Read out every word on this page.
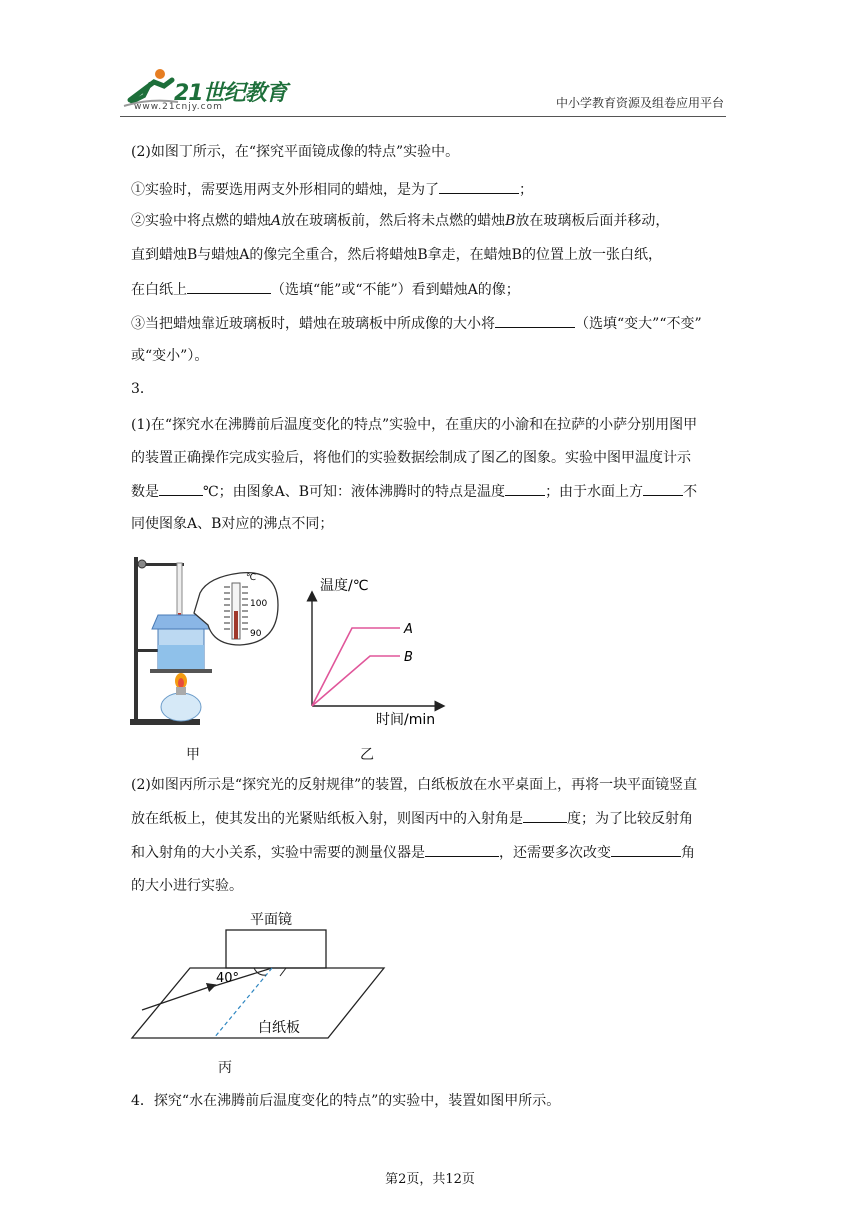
21世纪教育
www.21cnjy.com	中小学教育资源及组卷应用平台
(2)如图丁所示，在“探究平面镜成像的特点”实验中。
①实验时，需要选用两支外形相同的蜡烛，是为了	；
②实验中将点燃的蜡烛A放在玻璃板前，然后将未点燃的蜡烛B放在玻璃板后面并移动，
直到蜡烛B与蜡烛A的像完全重合，然后将蜡烛B拿走，在蜡烛B的位置上放一张白纸，
在白纸上	（选填“能”或“不能”）看到蜡烛A的像；
③当把蜡烛靠近玻璃板时，蜡烛在玻璃板中所成像的大小将	（选填“变大”“不变”
或“变小”）。
3．
(1)在“探究水在沸腾前后温度变化的特点”实验中，在重庆的小渝和在拉萨的小萨分别用图甲
的装置正确操作完成实验后，将他们的实验数据绘制成了图乙的图象。实验中图甲温度计示
数是	℃；由图象A、B可知：液体沸腾时的特点是温度	；由于水面上方	不
同使图象A、B对应的沸点不同；
℃
100
90
甲
温度/℃
时间/min
A
B
乙
(2)如图丙所示是“探究光的反射规律”的装置，白纸板放在水平桌面上，再将一块平面镜竖直
放在纸板上，使其发出的光紧贴纸板入射，则图丙中的入射角是	度；为了比较反射角
和入射角的大小关系，实验中需要的测量仪器是	，还需要多次改变	角
的大小进行实验。
平面镜
40°
白纸板
丙
4．探究“水在沸腾前后温度变化的特点”的实验中，装置如图甲所示。
第2页，共12页
